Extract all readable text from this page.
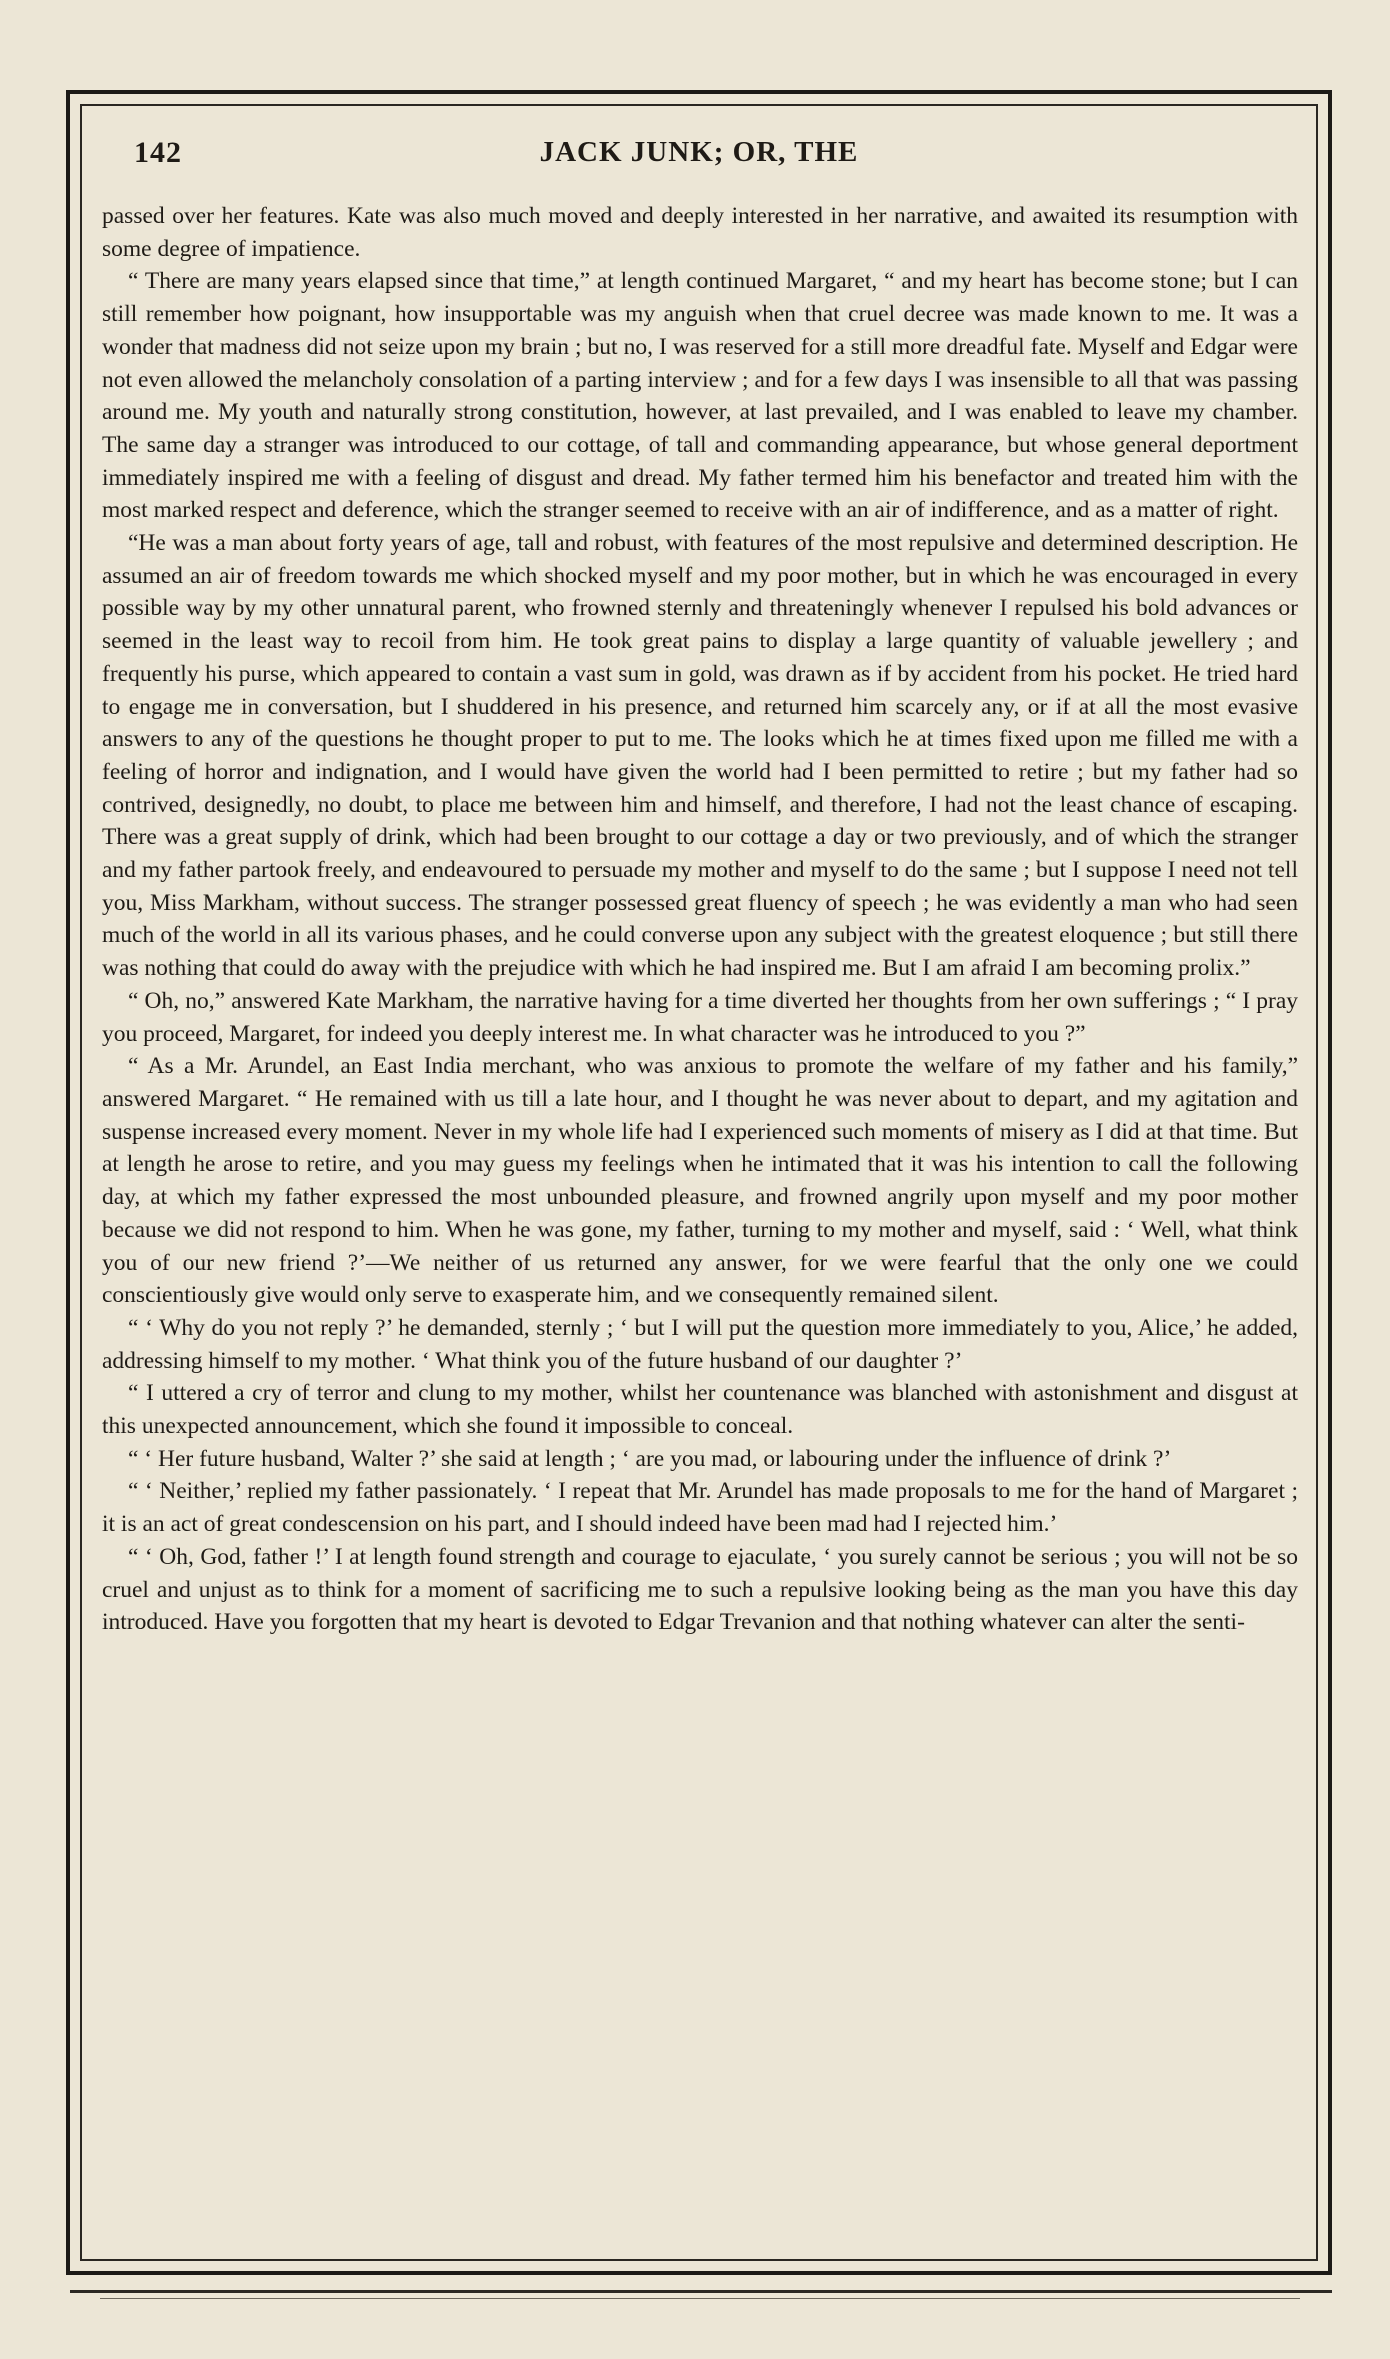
142	JACK JUNK; OR, THE

passed over her features. Kate was also much moved and deeply interested in her narrative, and awaited its resumption with some degree of impatience.

“ There are many years elapsed since that time,” at length continued Margaret, “ and my heart has become stone; but I can still remember how poignant, how insupportable was my anguish when that cruel decree was made known to me. It was a wonder that madness did not seize upon my brain ; but no, I was reserved for a still more dreadful fate. Myself and Edgar were not even allowed the melancholy consolation of a parting interview ; and for a few days I was insensible to all that was passing around me. My youth and naturally strong constitution, however, at last prevailed, and I was enabled to leave my chamber. The same day a stranger was introduced to our cottage, of tall and commanding appearance, but whose general deportment immediately inspired me with a feeling of disgust and dread. My father termed him his benefactor and treated him with the most marked respect and deference, which the stranger seemed to receive with an air of indifference, and as a matter of right.

“He was a man about forty years of age, tall and robust, with features of the most repulsive and determined description. He assumed an air of freedom towards me which shocked myself and my poor mother, but in which he was encouraged in every possible way by my other unnatural parent, who frowned sternly and threateningly whenever I repulsed his bold advances or seemed in the least way to recoil from him. He took great pains to display a large quantity of valuable jewellery ; and frequently his purse, which appeared to contain a vast sum in gold, was drawn as if by accident from his pocket. He tried hard to engage me in conversation, but I shuddered in his presence, and returned him scarcely any, or if at all the most evasive answers to any of the questions he thought proper to put to me. The looks which he at times fixed upon me filled me with a feeling of horror and indignation, and I would have given the world had I been permitted to retire ; but my father had so contrived, designedly, no doubt, to place me between him and himself, and therefore, I had not the least chance of escaping. There was a great supply of drink, which had been brought to our cottage a day or two previously, and of which the stranger and my father partook freely, and endeavoured to persuade my mother and myself to do the same ; but I suppose I need not tell you, Miss Markham, without success. The stranger possessed great fluency of speech ; he was evidently a man who had seen much of the world in all its various phases, and he could converse upon any subject with the greatest eloquence ; but still there was nothing that could do away with the prejudice with which he had inspired me. But I am afraid I am becoming prolix.”

“ Oh, no,” answered Kate Markham, the narrative having for a time diverted her thoughts from her own sufferings ; “ I pray you proceed, Margaret, for indeed you deeply interest me. In what character was he introduced to you ?”

“ As a Mr. Arundel, an East India merchant, who was anxious to promote the welfare of my father and his family,” answered Margaret. “ He remained with us till a late hour, and I thought he was never about to depart, and my agitation and suspense increased every moment. Never in my whole life had I experienced such moments of misery as I did at that time. But at length he arose to retire, and you may guess my feelings when he intimated that it was his intention to call the following day, at which my father expressed the most unbounded pleasure, and frowned angrily upon myself and my poor mother because we did not respond to him. When he was gone, my father, turning to my mother and myself, said : ‘ Well, what think you of our new friend ?’—We neither of us returned any answer, for we were fearful that the only one we could conscientiously give would only serve to exasperate him, and we consequently remained silent.

“ ‘ Why do you not reply ?’ he demanded, sternly ; ‘ but I will put the question more immediately to you, Alice,’ he added, addressing himself to my mother. ‘ What think you of the future husband of our daughter ?’

“ I uttered a cry of terror and clung to my mother, whilst her countenance was blanched with astonishment and disgust at this unexpected announcement, which she found it impossible to conceal.

“ ‘ Her future husband, Walter ?’ she said at length ; ‘ are you mad, or labouring under the influence of drink ?’

“ ‘ Neither,’ replied my father passionately. ‘ I repeat that Mr. Arundel has made proposals to me for the hand of Margaret ; it is an act of great condescension on his part, and I should indeed have been mad had I rejected him.’

“ ‘ Oh, God, father !’ I at length found strength and courage to ejaculate, ‘ you surely cannot be serious ; you will not be so cruel and unjust as to think for a moment of sacrificing me to such a repulsive looking being as the man you have this day introduced. Have you forgotten that my heart is devoted to Edgar Trevanion and that nothing whatever can alter the senti-
